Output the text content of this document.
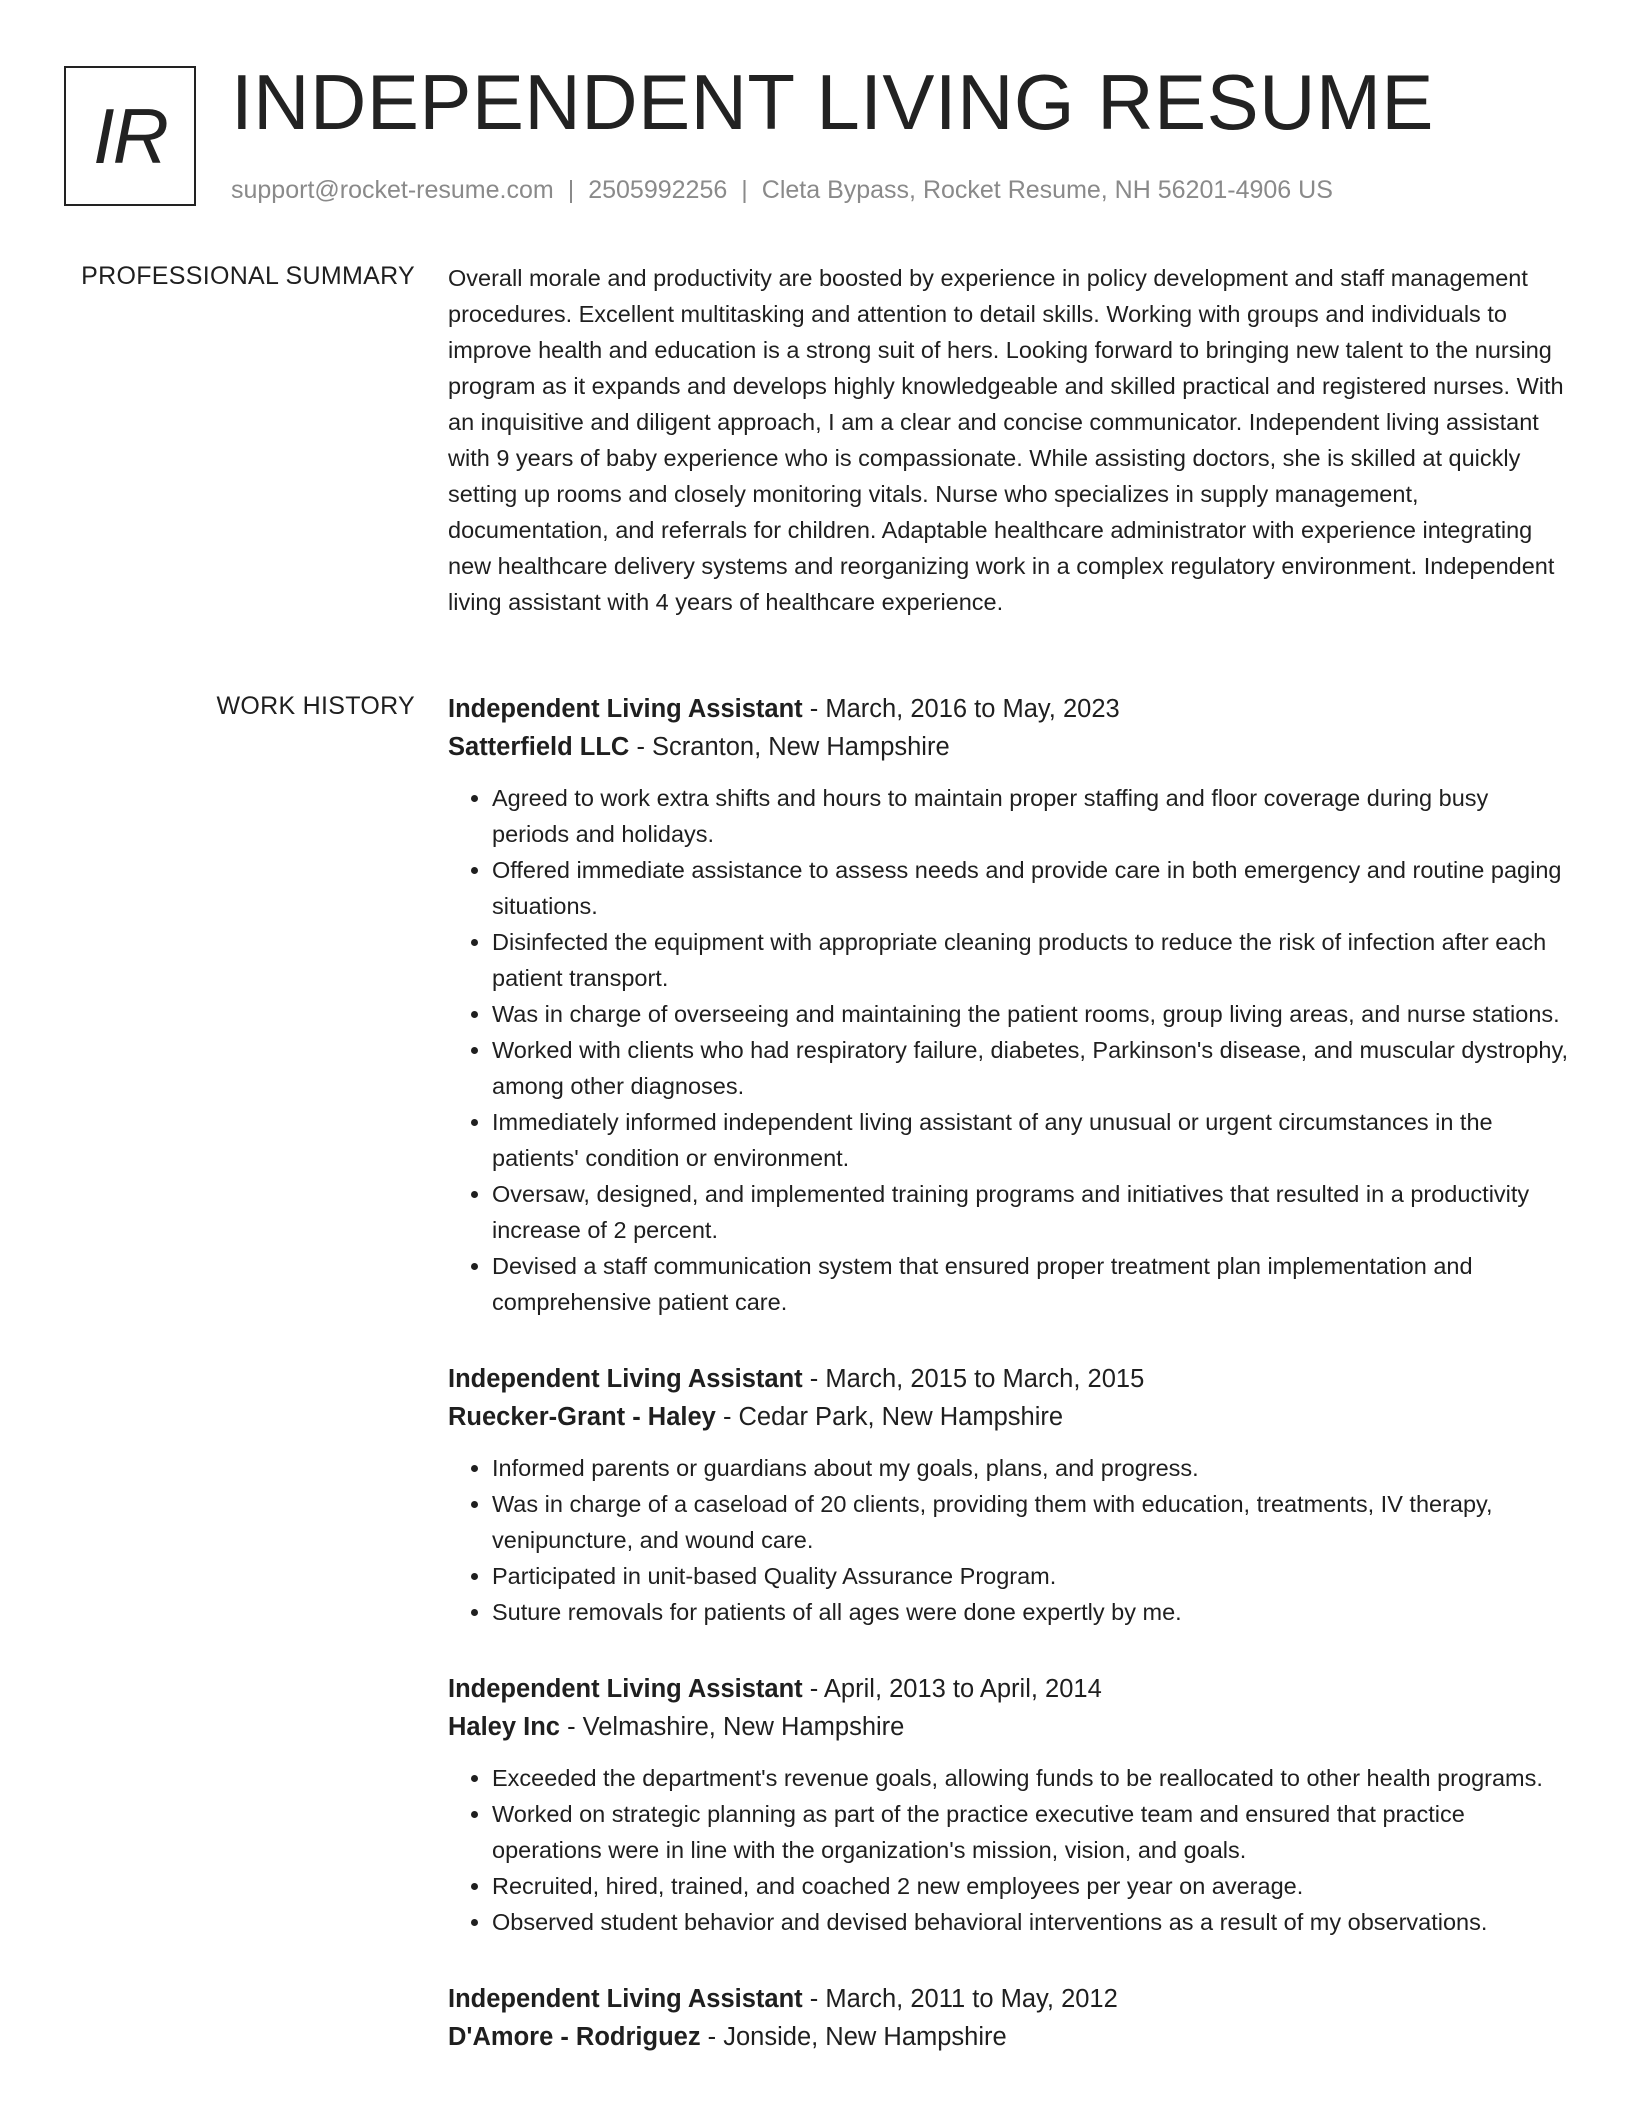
IR INDEPENDENT LIVING RESUME
support@rocket-resume.com | 2505992256 | Cleta Bypass, Rocket Resume, NH 56201-4906 US
PROFESSIONAL SUMMARY Overall morale and productivity are boosted by experience in policy development and staff management procedures. Excellent multitasking and attention to detail skills. Working with groups and individuals to improve health and education is a strong suit of hers. Looking forward to bringing new talent to the nursing program as it expands and develops highly knowledgeable and skilled practical and registered nurses. With an inquisitive and diligent approach, I am a clear and concise communicator. Independent living assistant with 9 years of baby experience who is compassionate. While assisting doctors, she is skilled at quickly setting up rooms and closely monitoring vitals. Nurse who specializes in supply management, documentation, and referrals for children. Adaptable healthcare administrator with experience integrating new healthcare delivery systems and reorganizing work in a complex regulatory environment. Independent living assistant with 4 years of healthcare experience.

WORK HISTORY Independent Living Assistant - March, 2016 to May, 2023
Satterfield LLC - Scranton, New Hampshire
• Agreed to work extra shifts and hours to maintain proper staffing and floor coverage during busy periods and holidays.
• Offered immediate assistance to assess needs and provide care in both emergency and routine paging situations.
• Disinfected the equipment with appropriate cleaning products to reduce the risk of infection after each patient transport.
• Was in charge of overseeing and maintaining the patient rooms, group living areas, and nurse stations.
• Worked with clients who had respiratory failure, diabetes, Parkinson's disease, and muscular dystrophy, among other diagnoses.
• Immediately informed independent living assistant of any unusual or urgent circumstances in the patients' condition or environment.
• Oversaw, designed, and implemented training programs and initiatives that resulted in a productivity increase of 2 percent.
• Devised a staff communication system that ensured proper treatment plan implementation and comprehensive patient care.
Independent Living Assistant - March, 2015 to March, 2015
Ruecker-Grant - Haley - Cedar Park, New Hampshire
• Informed parents or guardians about my goals, plans, and progress.
• Was in charge of a caseload of 20 clients, providing them with education, treatments, IV therapy, venipuncture, and wound care.
• Participated in unit-based Quality Assurance Program.
• Suture removals for patients of all ages were done expertly by me.
Independent Living Assistant - April, 2013 to April, 2014
Haley Inc - Velmashire, New Hampshire
• Exceeded the department's revenue goals, allowing funds to be reallocated to other health programs.
• Worked on strategic planning as part of the practice executive team and ensured that practice operations were in line with the organization's mission, vision, and goals.
• Recruited, hired, trained, and coached 2 new employees per year on average.
• Observed student behavior and devised behavioral interventions as a result of my observations.
Independent Living Assistant - March, 2011 to May, 2012
D'Amore - Rodriguez - Jonside, New Hampshire
